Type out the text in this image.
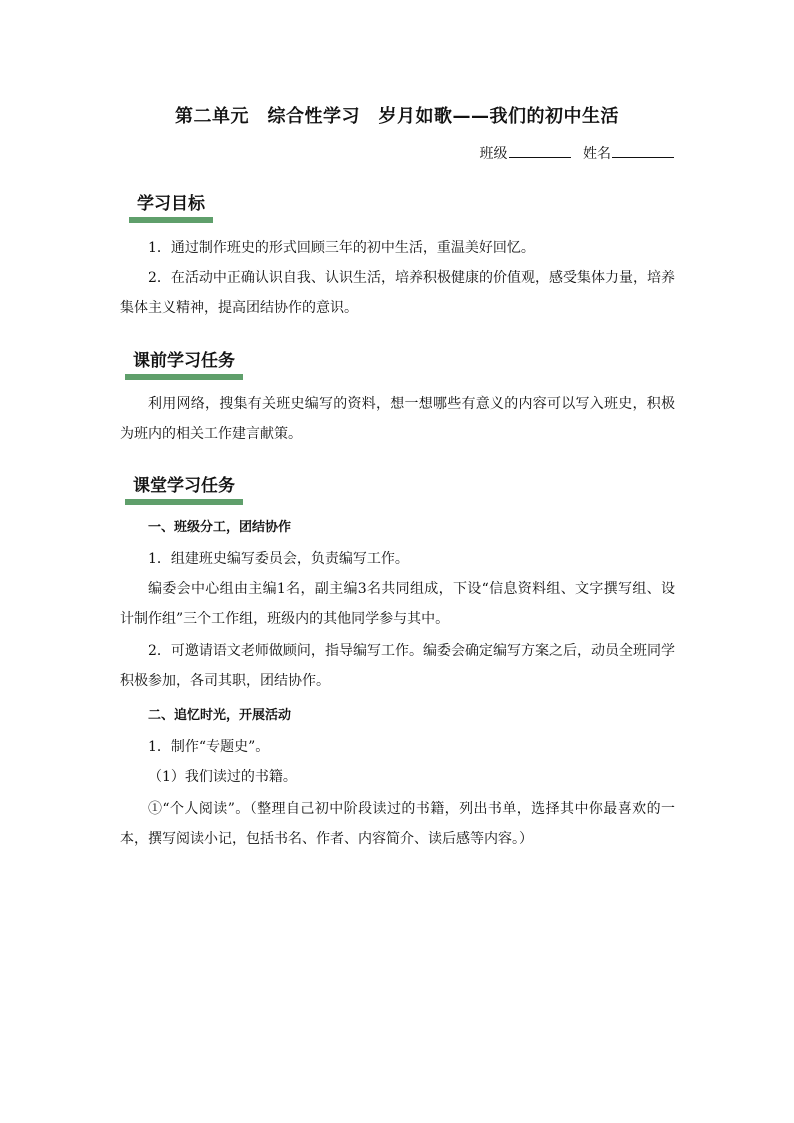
第二单元　综合性学习　岁月如歌——我们的初中生活
班级	姓名
学习目标
1．通过制作班史的形式回顾三年的初中生活，重温美好回忆。
2．在活动中正确认识自我、认识生活，培养积极健康的价值观，感受集体力量，培养集体主义精神，提高团结协作的意识。
课前学习任务
利用网络，搜集有关班史编写的资料，想一想哪些有意义的内容可以写入班史，积极为班内的相关工作建言献策。
课堂学习任务
一、班级分工，团结协作
1．组建班史编写委员会，负责编写工作。
编委会中心组由主编1名，副主编3名共同组成，下设“信息资料组、文字撰写组、设计制作组”三个工作组，班级内的其他同学参与其中。
2．可邀请语文老师做顾问，指导编写工作。编委会确定编写方案之后，动员全班同学积极参加，各司其职，团结协作。
二、追忆时光，开展活动
1．制作“专题史”。
（1）我们读过的书籍。
①“个人阅读”。（整理自己初中阶段读过的书籍，列出书单，选择其中你最喜欢的一本，撰写阅读小记，包括书名、作者、内容简介、读后感等内容。）
